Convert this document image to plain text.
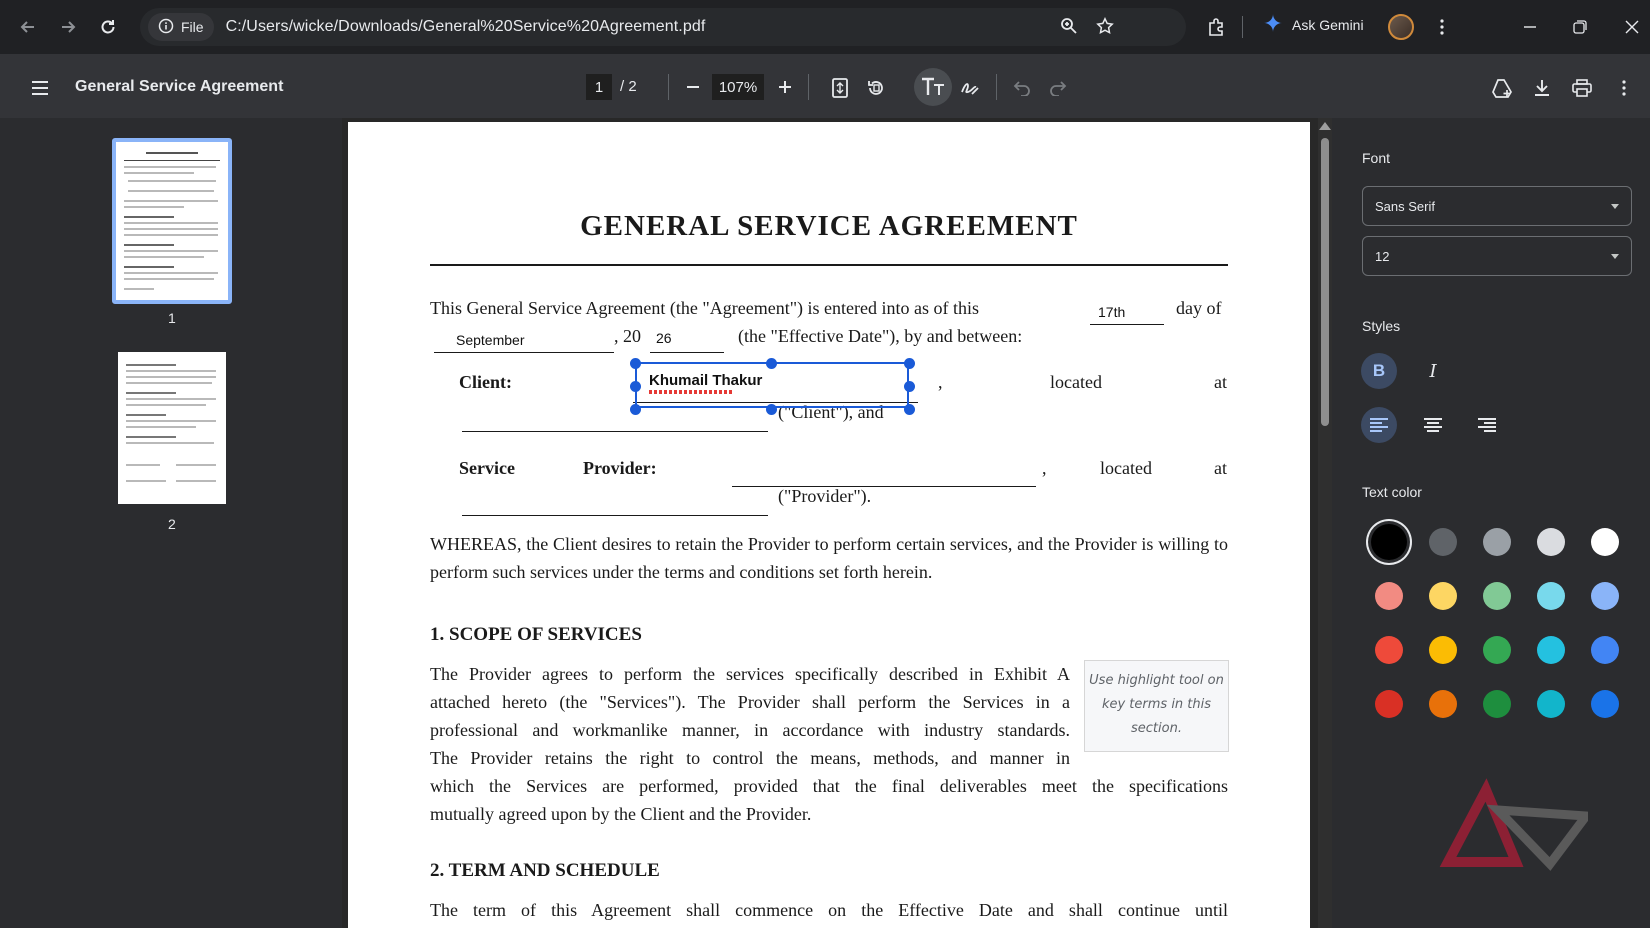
File C:/Users/wicke/Downloads/General%20Service%20Agreement.pdf	Ask Gemini
General Service Agreement	1	/ 2	107%
1
2
GENERAL SERVICE AGREEMENT
This General Service Agreement (the "Agreement") is entered into as of this	17th	day of
September	, 20 26	(the "Effective Date"), by and between:
Client:	,	located	at
("Client"), and
Khumail Thakur
Service	Provider:	,	located	at
("Provider").
WHEREAS, the Client desires to retain the Provider to perform certain services, and the Provider is willing to perform such services under the terms and conditions set forth herein.
1. SCOPE OF SERVICES
The Provider agrees to perform the services specifically described in Exhibit A
attached hereto (the "Services"). The Provider shall perform the Services in a
professional and workmanlike manner, in accordance with industry standards.
The Provider retains the right to control the means, methods, and manner in
which the Services are performed, provided that the final deliverables meet the specifications
mutually agreed upon by the Client and the Provider.
Use highlight tool on key terms in this section.
2. TERM AND SCHEDULE
The term of this Agreement shall commence on the Effective Date and shall continue until
Font
Sans Serif
12
Styles
B	I
Text color
